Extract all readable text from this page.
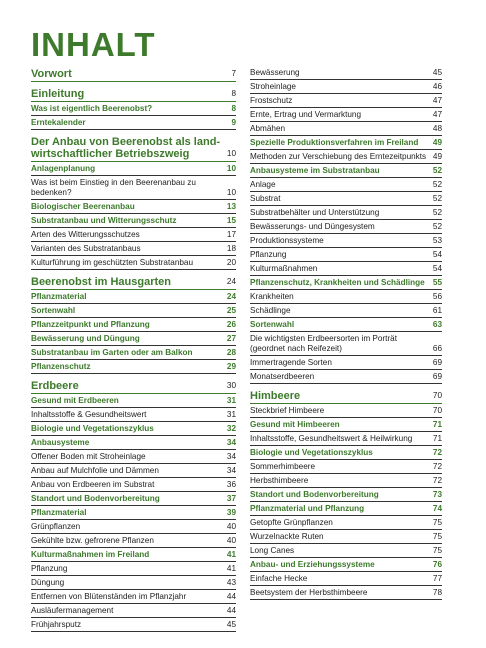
INHALT
Vorwort	7
Einleitung	8
Was ist eigentlich Beerenobst?	8
Erntekalender	9
Der Anbau von Beerenobst als land-wirtschaftlicher Betriebszweig	10
Anlagenplanung	10
Was ist beim Einstieg in den Beerenanbau zu bedenken?	10
Biologischer Beerenanbau	13
Substratanbau und Witterungsschutz	15
Arten des Witterungsschutzes	17
Varianten des Substratanbaus	18
Kulturführung im geschützten Substratanbau	20
Beerenobst im Hausgarten	24
Pflanzmaterial	24
Sortenwahl	25
Pflanzzeitpunkt und Pflanzung	26
Bewässerung und Düngung	27
Substratanbau im Garten oder am Balkon	28
Pflanzenschutz	29
Erdbeere	30
Gesund mit Erdbeeren	31
Inhaltsstoffe & Gesundheitswert	31
Biologie und Vegetationszyklus	32
Anbausysteme	34
Offener Boden mit Stroheinlage	34
Anbau auf Mulchfolie und Dämmen	34
Anbau von Erdbeeren im Substrat	36
Standort und Bodenvorbereitung	37
Pflanzmaterial	39
Grünpflanzen	40
Gekühlte bzw. gefrorene Pflanzen	40
Kulturmaßnahmen im Freiland	41
Pflanzung	41
Düngung	43
Entfernen von Blütenständen im Pflanzjahr	44
Ausläufermanagement	44
Frühjahrsputz	45
Bewässerung	45
Stroheinlage	46
Frostschutz	47
Ernte, Ertrag und Vermarktung	47
Abmähen	48
Spezielle Produktionsverfahren im Freiland	49
Methoden zur Verschiebung des Erntezeitpunkts 49
Anbausysteme im Substratanbau	52
Anlage	52
Substrat	52
Substratbehälter und Unterstützung	52
Bewässerungs- und Düngesystem	52
Produktionssysteme	53
Pflanzung	54
Kulturmaßnahmen	54
Pflanzenschutz, Krankheiten und Schädlinge 55
Krankheiten	56
Schädlinge	61
Sortenwahl	63
Die wichtigsten Erdbeersorten im Porträt (geordnet nach Reifezeit)	66
Immertragende Sorten	69
Monatserdbeeren	69
Himbeere	70
Steckbrief Himbeere	70
Gesund mit Himbeeren	71
Inhaltsstoffe, Gesundheitswert & Heilwirkung	71
Biologie und Vegetationszyklus	72
Sommerhimbeere	72
Herbsthimbeere	72
Standort und Bodenvorbereitung	73
Pflanzmaterial und Pflanzung	74
Getopfte Grünpflanzen	75
Wurzelnackte Ruten	75
Long Canes	75
Anbau- und Erziehungssysteme	76
Einfache Hecke	77
Beetsystem der Herbsthimbeere	78
